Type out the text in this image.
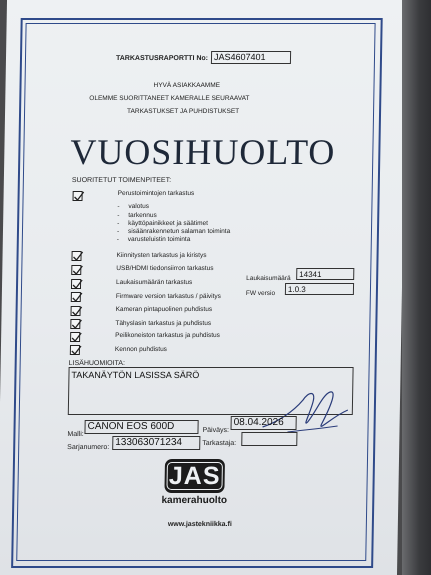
TARKASTUSRAPORTTI No: JAS4607401
HYVÄ ASIAKKAAMME
OLEMME SUORITTANEET KAMERALLE SEURAAVAT
TARKASTUKSET JA PUHDISTUKSET
VUOSIHUOLTO
SUORITETUT TOIMENPITEET:
Perustoimintojen tarkastus
- valotus
- tarkennus
- käyttöpainikkeet ja säätimet
- sisäänrakennetun salaman toiminta
- varusteluistin toiminta
Kiinnitysten tarkastus ja kiristys
USB/HDMI tiedonsiirron tarkastus
Laukaisumäärän tarkastus
Firmware version tarkastus / päivitys
Kameran pintapuolinen puhdistus
Tähyslasin tarkastus ja puhdistus
Peilikoneiston tarkastus ja puhdistus
Kennon puhdistus
Laukaisumäärä	14341
FW versio	1.0.3
LISÄHUOMIOITA:
TAKANÄYTÖN LASISSA SÄRÖ
Malli:
CANON EOS 600D	Päiväys:
08.04.2026
Sarjanumero: 133063071234	Tarkastaja:
JAS
kamerahuolto
www.jastekniikka.fi
